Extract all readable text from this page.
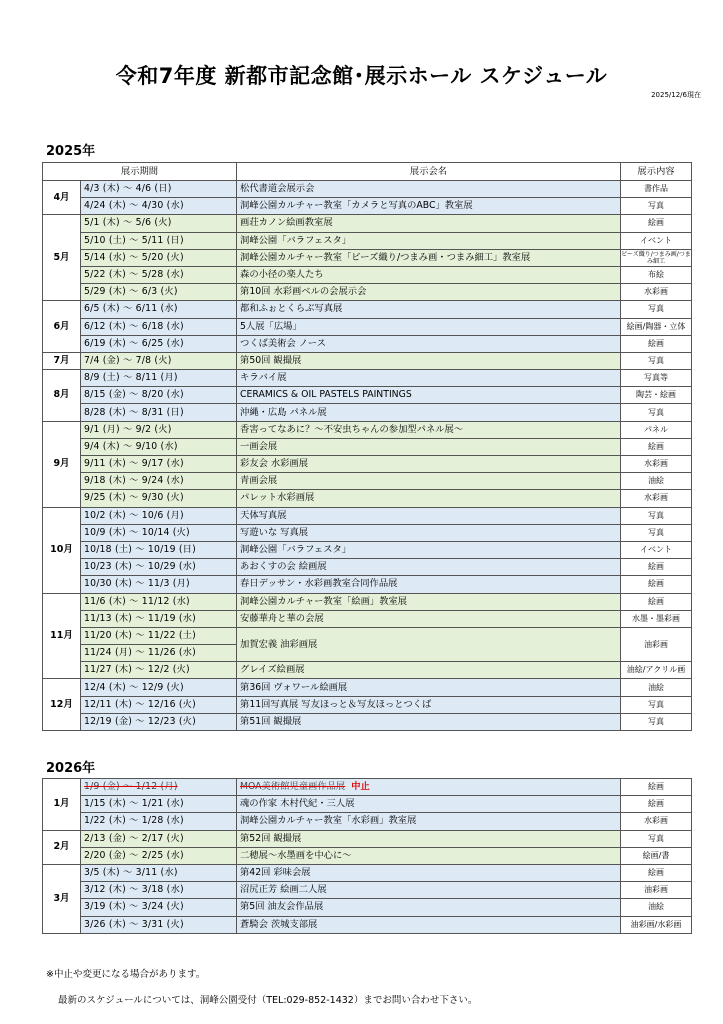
令和7年度 新都市記念館･展示ホール スケジュール
2025/12/6現在
2025年
展示期間		展示会名	展示内容
4月	4/3 (木) ～ 4/6 (日)	松代書道会展示会	書作品
	4/24 (木) ～ 4/30 (水)	洞峰公園カルチャー教室「カメラと写真のABC」教室展	写真
5月	5/1 (木) ～ 5/6 (火)	画荘カノン絵画教室展	絵画
	5/10 (土) ～ 5/11 (日)	洞峰公園「バラフェスタ」	イベント
	5/14 (水) ～ 5/20 (火)	洞峰公園カルチャー教室「ビーズ織り/つまみ画・つまみ細工」教室展	ビーズ織り/つまみ画/つまみ細工
	5/22 (木) ～ 5/28 (水)	森の小径の楽人たち	布絵
	5/29 (木) ～ 6/3 (火)	第10回 水彩画ベルの会展示会	水彩画
6月	6/5 (木) ～ 6/11 (水)	都和ふぉとくらぶ写真展	写真
	6/12 (木) ～ 6/18 (水)	5人展「広場」	絵画/陶器・立体
	6/19 (木) ～ 6/25 (水)	つくば美術会 ノース	絵画
7月	7/4 (金) ～ 7/8 (火)	第50回 観撮展	写真
8月	8/9 (土) ～ 8/11 (月)	キラバイ展	写真等
	8/15 (金) ～ 8/20 (水)	CERAMICS & OIL PASTELS PAINTINGS	陶芸・絵画
	8/28 (木) ～ 8/31 (日)	沖縄・広島 パネル展	写真
9月	9/1 (月) ～ 9/2 (火)	香害ってなあに？～不安虫ちゃんの参加型パネル展～	パネル
	9/4 (木) ～ 9/10 (水)	一画会展	絵画
	9/11 (木) ～ 9/17 (水)	彩友会 水彩画展	水彩画
	9/18 (木) ～ 9/24 (水)	青画会展	油絵
	9/25 (木) ～ 9/30 (火)	パレット水彩画展	水彩画
10月	10/2 (木) ～ 10/6 (月)	天体写真展	写真
	10/9 (木) ～ 10/14 (火)	写遊いな 写真展	写真
	10/18 (土) ～ 10/19 (日)	洞峰公園「バラフェスタ」	イベント
	10/23 (木) ～ 10/29 (水)	あおくすの会 絵画展	絵画
	10/30 (木) ～ 11/3 (月)	春日デッサン・水彩画教室合同作品展	絵画
11月	11/6 (木) ～ 11/12 (水)	洞峰公園カルチャー教室「絵画」教室展	絵画
	11/13 (木) ～ 11/19 (水)	安藤華舟と華の会展	水墨・墨彩画
	11/20 (木) ～ 11/22 (土)	加賀宏義 油彩画展	油彩画
	11/24 (月) ～ 11/26 (水)		
	11/27 (木) ～ 12/2 (火)	グレイズ絵画展	油絵/アクリル画
12月	12/4 (木) ～ 12/9 (火)	第36回 ヴォワール絵画展	油絵
	12/11 (木) ～ 12/16 (火)	第11回写真展 写友ほっと＆写友ほっとつくば	写真
	12/19 (金) ～ 12/23 (火)	第51回 観撮展	写真
2026年
1月	1/9 (金) ～ 1/12 (月)	MOA美術館児童画作品展 中止	絵画
	1/15 (木) ～ 1/21 (水)	魂の作家 木村代紀・三人展	絵画
	1/22 (木) ～ 1/28 (水)	洞峰公園カルチャー教室「水彩画」教室展	水彩画
2月	2/13 (金) ～ 2/17 (火)	第52回 観撮展	写真
	2/20 (金) ～ 2/25 (水)	二穂展～水墨画を中心に～	絵画/書
3月	3/5 (木) ～ 3/11 (水)	第42回 彩味会展	絵画
	3/12 (木) ～ 3/18 (水)	沼尻正芳 絵画二人展	油彩画
	3/19 (木) ～ 3/24 (火)	第5回 油友会作品展	油絵
	3/26 (木) ～ 3/31 (火)	蒼騎会 茨城支部展	油彩画/水彩画
※中止や変更になる場合があります。
最新のスケジュールについては、洞峰公園受付（TEL:029-852-1432）までお問い合わせ下さい。
